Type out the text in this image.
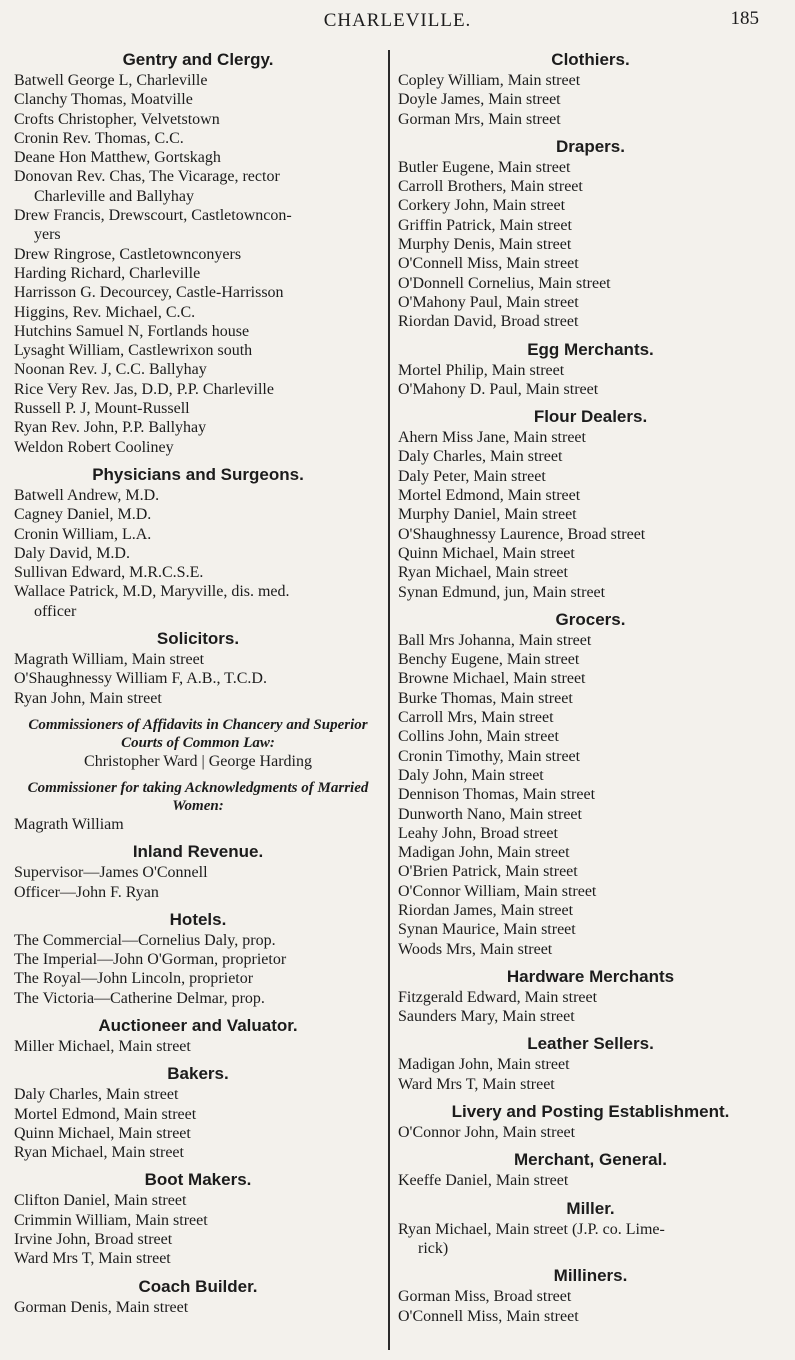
CHARLEVILLE.	185
Gentry and Clergy.
Batwell George L, Charleville
Clanchy Thomas, Moatville
Crofts Christopher, Velvetstown
Cronin Rev. Thomas, C.C.
Deane Hon Matthew, Gortskagh
Donovan Rev. Chas, The Vicarage, rector
Charleville and Ballyhay
Drew Francis, Drewscourt, Castletowncon-
yers
Drew Ringrose, Castletownconyers
Harding Richard, Charleville
Harrisson G. Decourcey, Castle-Harrisson
Higgins, Rev. Michael, C.C.
Hutchins Samuel N, Fortlands house
Lysaght William, Castlewrixon south
Noonan Rev. J, C.C. Ballyhay
Rice Very Rev. Jas, D.D, P.P. Charleville
Russell P. J, Mount-Russell
Ryan Rev. John, P.P. Ballyhay
Weldon Robert Cooliney
Physicians and Surgeons.
Batwell Andrew, M.D.
Cagney Daniel, M.D.
Cronin William, L.A.
Daly David, M.D.
Sullivan Edward, M.R.C.S.E.
Wallace Patrick, M.D, Maryville, dis. med.
officer
Solicitors.
Magrath William, Main street
O'Shaughnessy William F, A.B., T.C.D.
Ryan John, Main street
Commissioners of Affidavits in Chancery and Superior Courts of Common Law:
Christopher Ward | George Harding
Commissioner for taking Acknowledgments of Married Women:
Magrath William
Inland Revenue.
Supervisor—James O'Connell
Officer—John F. Ryan
Hotels.
The Commercial—Cornelius Daly, prop.
The Imperial—John O'Gorman, proprietor
The Royal—John Lincoln, proprietor
The Victoria—Catherine Delmar, prop.
Auctioneer and Valuator.
Miller Michael, Main street
Bakers.
Daly Charles, Main street
Mortel Edmond, Main street
Quinn Michael, Main street
Ryan Michael, Main street
Boot Makers.
Clifton Daniel, Main street
Crimmin William, Main street
Irvine John, Broad street
Ward Mrs T, Main street
Coach Builder.
Gorman Denis, Main street
Clothiers.
Copley William, Main street
Doyle James, Main street
Gorman Mrs, Main street
Drapers.
Butler Eugene, Main street
Carroll Brothers, Main street
Corkery John, Main street
Griffin Patrick, Main street
Murphy Denis, Main street
O'Connell Miss, Main street
O'Donnell Cornelius, Main street
O'Mahony Paul, Main street
Riordan David, Broad street
Egg Merchants.
Mortel Philip, Main street
O'Mahony D. Paul, Main street
Flour Dealers.
Ahern Miss Jane, Main street
Daly Charles, Main street
Daly Peter, Main street
Mortel Edmond, Main street
Murphy Daniel, Main street
O'Shaughnessy Laurence, Broad street
Quinn Michael, Main street
Ryan Michael, Main street
Synan Edmund, jun, Main street
Grocers.
Ball Mrs Johanna, Main street
Benchy Eugene, Main street
Browne Michael, Main street
Burke Thomas, Main street
Carroll Mrs, Main street
Collins John, Main street
Cronin Timothy, Main street
Daly John, Main street
Dennison Thomas, Main street
Dunworth Nano, Main street
Leahy John, Broad street
Madigan John, Main street
O'Brien Patrick, Main street
O'Connor William, Main street
Riordan James, Main street
Synan Maurice, Main street
Woods Mrs, Main street
Hardware Merchants
Fitzgerald Edward, Main street
Saunders Mary, Main street
Leather Sellers.
Madigan John, Main street
Ward Mrs T, Main street
Livery and Posting Establishment.
O'Connor John, Main street
Merchant, General.
Keeffe Daniel, Main street
Miller.
Ryan Michael, Main street (J.P. co. Lime-
rick)
Milliners.
Gorman Miss, Broad street
O'Connell Miss, Main street
